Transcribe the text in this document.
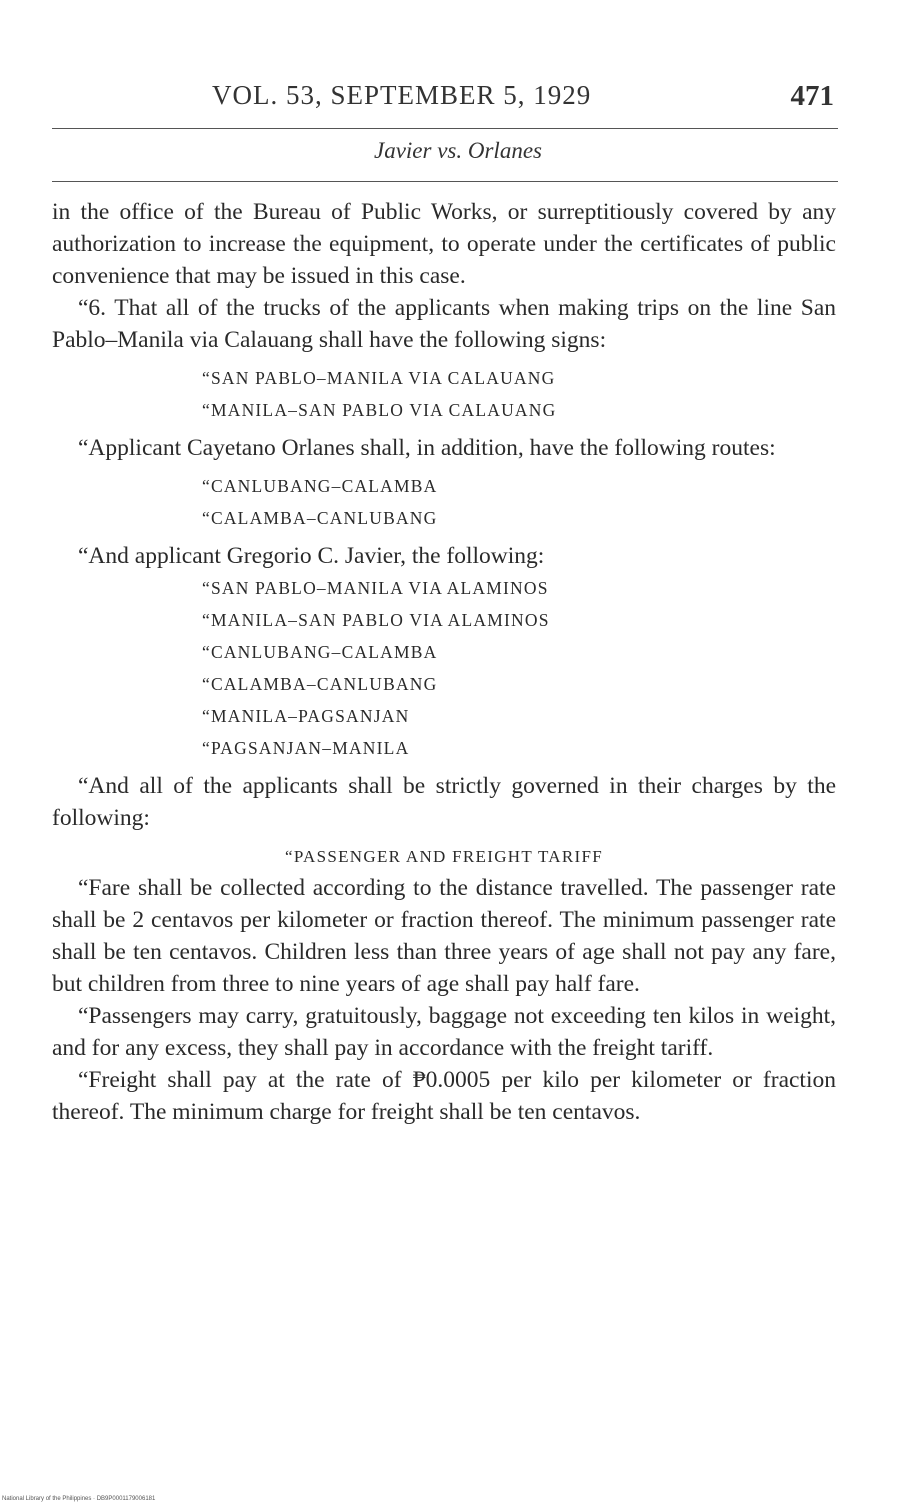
VOL. 53, SEPTEMBER 5, 1929	471
Javier vs. Orlanes

in the office of the Bureau of Public Works, or surreptitiously covered by any authorization to increase the equipment, to operate under the certificates of public convenience that may be issued in this case.

“6. That all of the trucks of the applicants when making trips on the line San Pablo–Manila via Calauang shall have the following signs:

“SAN PABLO–MANILA VIA CALAUANG
“MANILA–SAN PABLO VIA CALAUANG

“Applicant Cayetano Orlanes shall, in addition, have the following routes:

“CANLUBANG–CALAMBA
“CALAMBA–CANLUBANG

“And applicant Gregorio C. Javier, the following:

“SAN PABLO–MANILA VIA ALAMINOS
“MANILA–SAN PABLO VIA ALAMINOS
“CANLUBANG–CALAMBA
“CALAMBA–CANLUBANG
“MANILA–PAGSANJAN
“PAGSANJAN–MANILA

“And all of the applicants shall be strictly governed in their charges by the following:

“PASSENGER AND FREIGHT TARIFF

“Fare shall be collected according to the distance travelled. The passenger rate shall be 2 centavos per kilometer or fraction thereof. The minimum passenger rate shall be ten centavos. Children less than three years of age shall not pay any fare, but children from three to nine years of age shall pay half fare.

“Passengers may carry, gratuitously, baggage not exceeding ten kilos in weight, and for any excess, they shall pay in accordance with the freight tariff.

“Freight shall pay at the rate of ₱0.0005 per kilo per kilometer or fraction thereof. The minimum charge for freight shall be ten centavos.

National Library of the Philippines · DB9P0001179006181
